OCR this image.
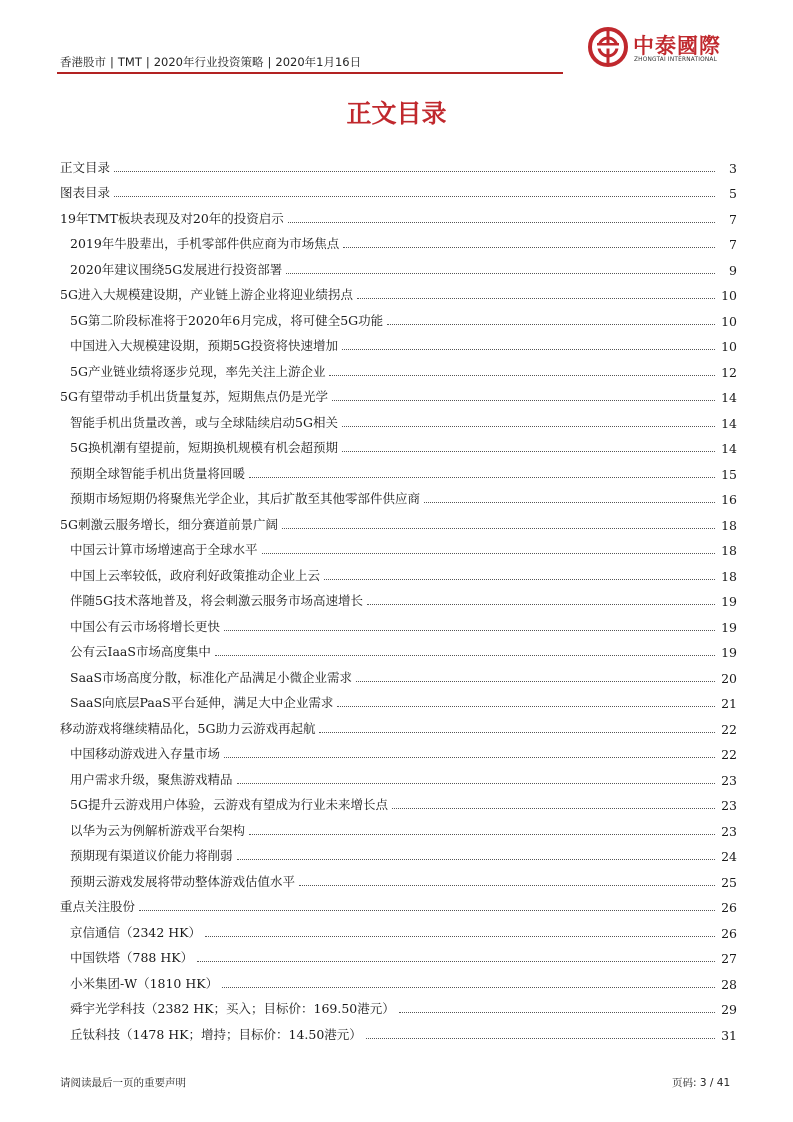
香港股市 | TMT | 2020年行业投资策略 | 2020年1月16日
中泰國際
ZHONGTAI INTERNATIONAL
正文目录
正文目录	3
图表目录	5
19年TMT板块表现及对20年的投资启示	7
2019年牛股辈出，手机零部件供应商为市场焦点	7
2020年建议围绕5G发展进行投资部署	9
5G进入大规模建设期，产业链上游企业将迎业绩拐点	10
5G第二阶段标准将于2020年6月完成，将可健全5G功能	10
中国进入大规模建设期，预期5G投资将快速增加	10
5G产业链业绩将逐步兑现，率先关注上游企业	12
5G有望带动手机出货量复苏，短期焦点仍是光学	14
智能手机出货量改善，或与全球陆续启动5G相关	14
5G换机潮有望提前，短期换机规模有机会超预期	14
预期全球智能手机出货量将回暖	15
预期市场短期仍将聚焦光学企业，其后扩散至其他零部件供应商	16
5G刺激云服务增长，细分赛道前景广阔	18
中国云计算市场增速高于全球水平	18
中国上云率较低，政府利好政策推动企业上云	18
伴随5G技术落地普及，将会刺激云服务市场高速增长	19
中国公有云市场将增长更快	19
公有云IaaS市场高度集中	19
SaaS市场高度分散，标准化产品满足小微企业需求	20
SaaS向底层PaaS平台延伸，满足大中企业需求	21
移动游戏将继续精品化，5G助力云游戏再起航	22
中国移动游戏进入存量市场	22
用户需求升级，聚焦游戏精品	23
5G提升云游戏用户体验，云游戏有望成为行业未来增长点	23
以华为云为例解析游戏平台架构	23
预期现有渠道议价能力将削弱	24
预期云游戏发展将带动整体游戏估值水平	25
重点关注股份	26
京信通信（2342 HK）	26
中国铁塔（788 HK）	27
小米集团-W（1810 HK）	28
舜宇光学科技（2382 HK；买入；目标价：169.50港元）	29
丘钛科技（1478 HK；增持；目标价：14.50港元）	31
请阅读最后一页的重要声明	页码: 3 / 41
